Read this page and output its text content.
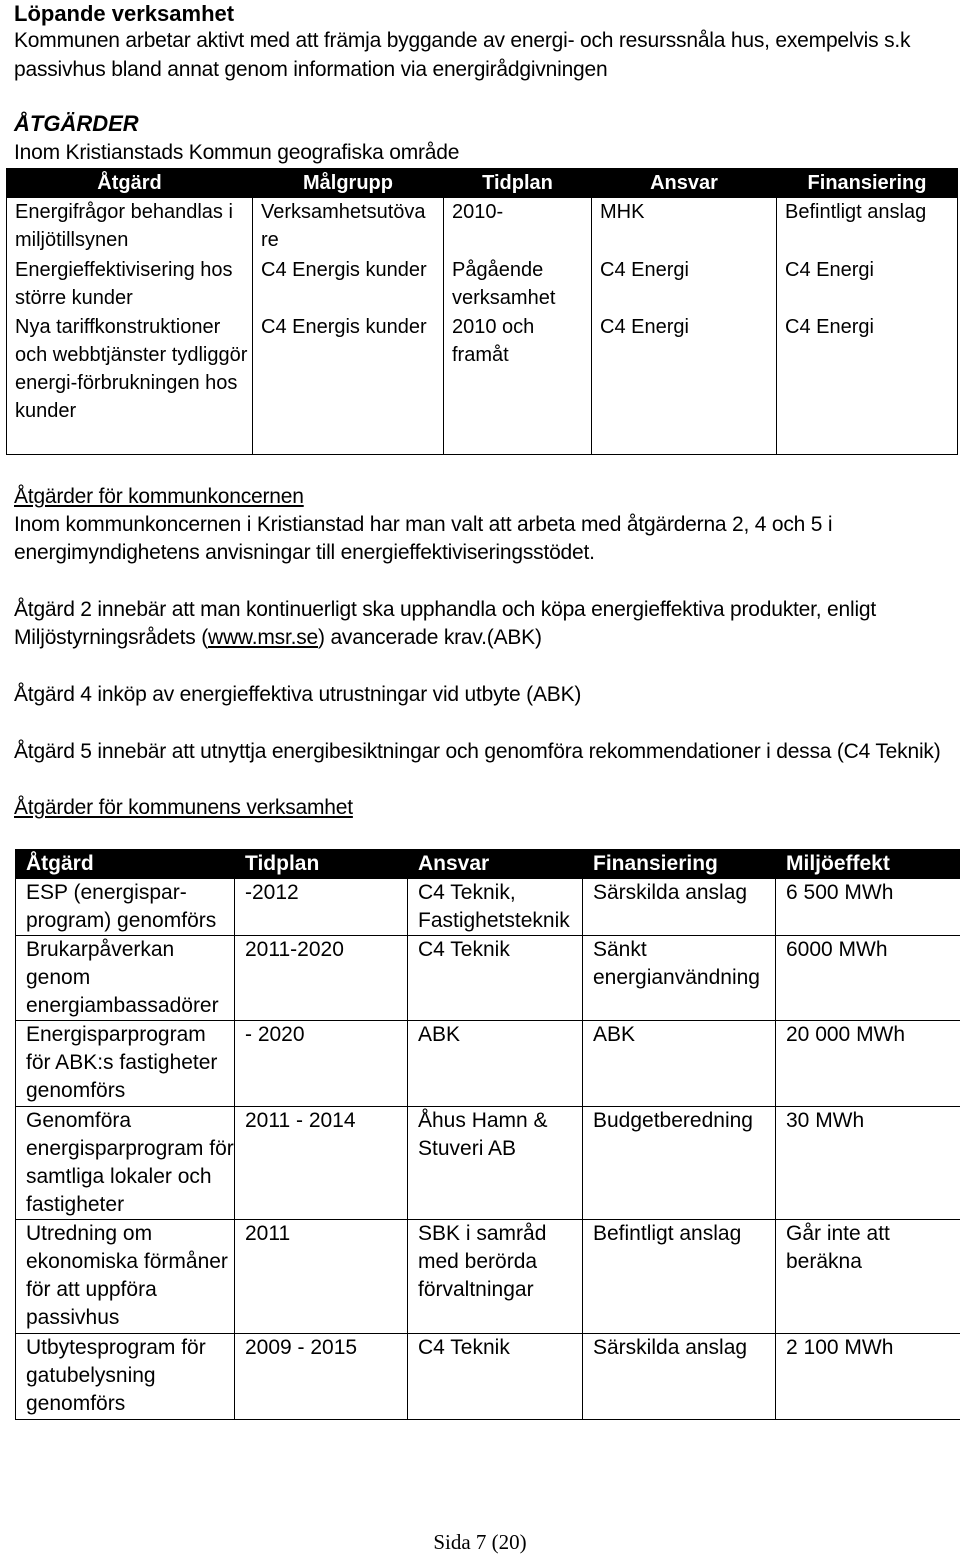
Löpande verksamhet
Kommunen arbetar aktivt med att främja byggande av energi- och resurssnåla hus, exempelvis s.k
passivhus bland annat genom information via energirådgivningen
ÅTGÄRDER
Inom Kristianstads Kommun geografiska område
Åtgärd	Målgrupp	Tidplan	Ansvar	Finansiering
Energifrågor behandlas i miljötillsynen	Verksamhetsutöva re	2010-	MHK	Befintligt anslag
Energieffektivisering hos större kunder	C4 Energis kunder	Pågående verksamhet	C4 Energi	C4 Energi
Nya tariffkonstruktioner och webbtjänster tydliggör energi-förbrukningen hos kunder	C4 Energis kunder	2010 och framåt	C4 Energi	C4 Energi
Åtgärder för kommunkoncernen
Inom kommunkoncernen i Kristianstad har man valt att arbeta med åtgärderna 2, 4 och 5 i
energimyndighetens anvisningar till energieffektiviseringsstödet.
Åtgärd 2 innebär att man kontinuerligt ska upphandla och köpa energieffektiva produkter, enligt
Miljöstyrningsrådets (www.msr.se) avancerade krav.(ABK)
Åtgärd 4 inköp av energieffektiva utrustningar vid utbyte (ABK)
Åtgärd 5 innebär att utnyttja energibesiktningar och genomföra rekommendationer i dessa (C4 Teknik)
Åtgärder för kommunens verksamhet
Åtgärd	Tidplan	Ansvar	Finansiering	Miljöeffekt
ESP (energispar-program) genomförs	-2012	C4 Teknik, Fastighetsteknik	Särskilda anslag	6 500 MWh
Brukarpåverkan genom energiambassadörer	2011-2020	C4 Teknik	Sänkt energianvändning	6000 MWh
Energisparprogram för ABK:s fastigheter genomförs	- 2020	ABK	ABK	20 000 MWh
Genomföra energisparprogram för samtliga lokaler och fastigheter	2011 - 2014	Åhus Hamn & Stuveri AB	Budgetberedning	30 MWh
Utredning om ekonomiska förmåner för att uppföra passivhus	2011	SBK i samråd med berörda förvaltningar	Befintligt anslag	Går inte att beräkna
Utbytesprogram för gatubelysning genomförs	2009 - 2015	C4 Teknik	Särskilda anslag	2 100 MWh
Sida 7 (20)
